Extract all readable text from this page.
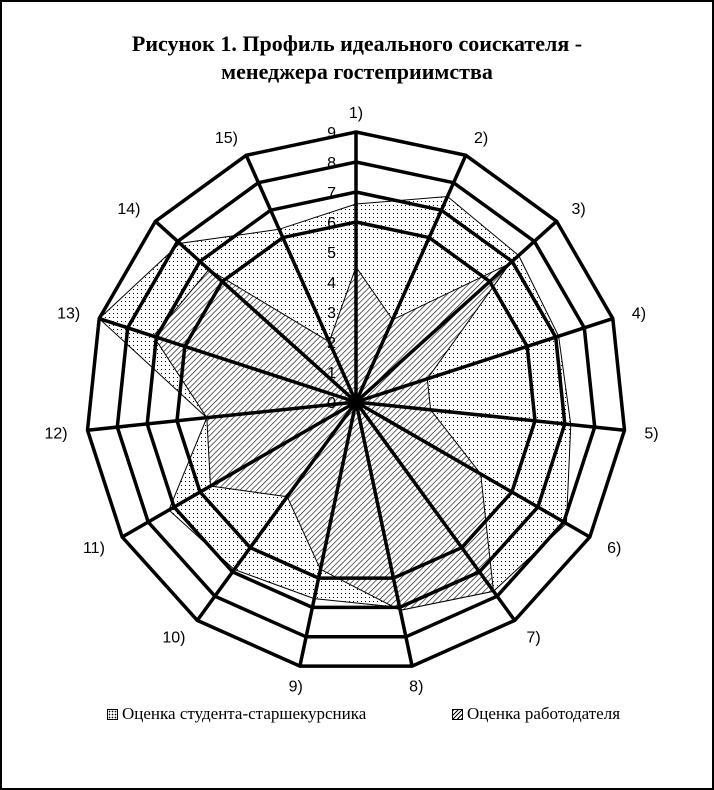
Рисунок 1. Профиль идеального соискателя -
менеджера гостеприимства
0
1
2
3
4
5
6
7
8
9
1)
2)
3)
4)
5)
6)
7)
8)
9)
10)
11)
12)
13)
14)
15)
Оценка студента-старшекурсника	Оценка работодателя
